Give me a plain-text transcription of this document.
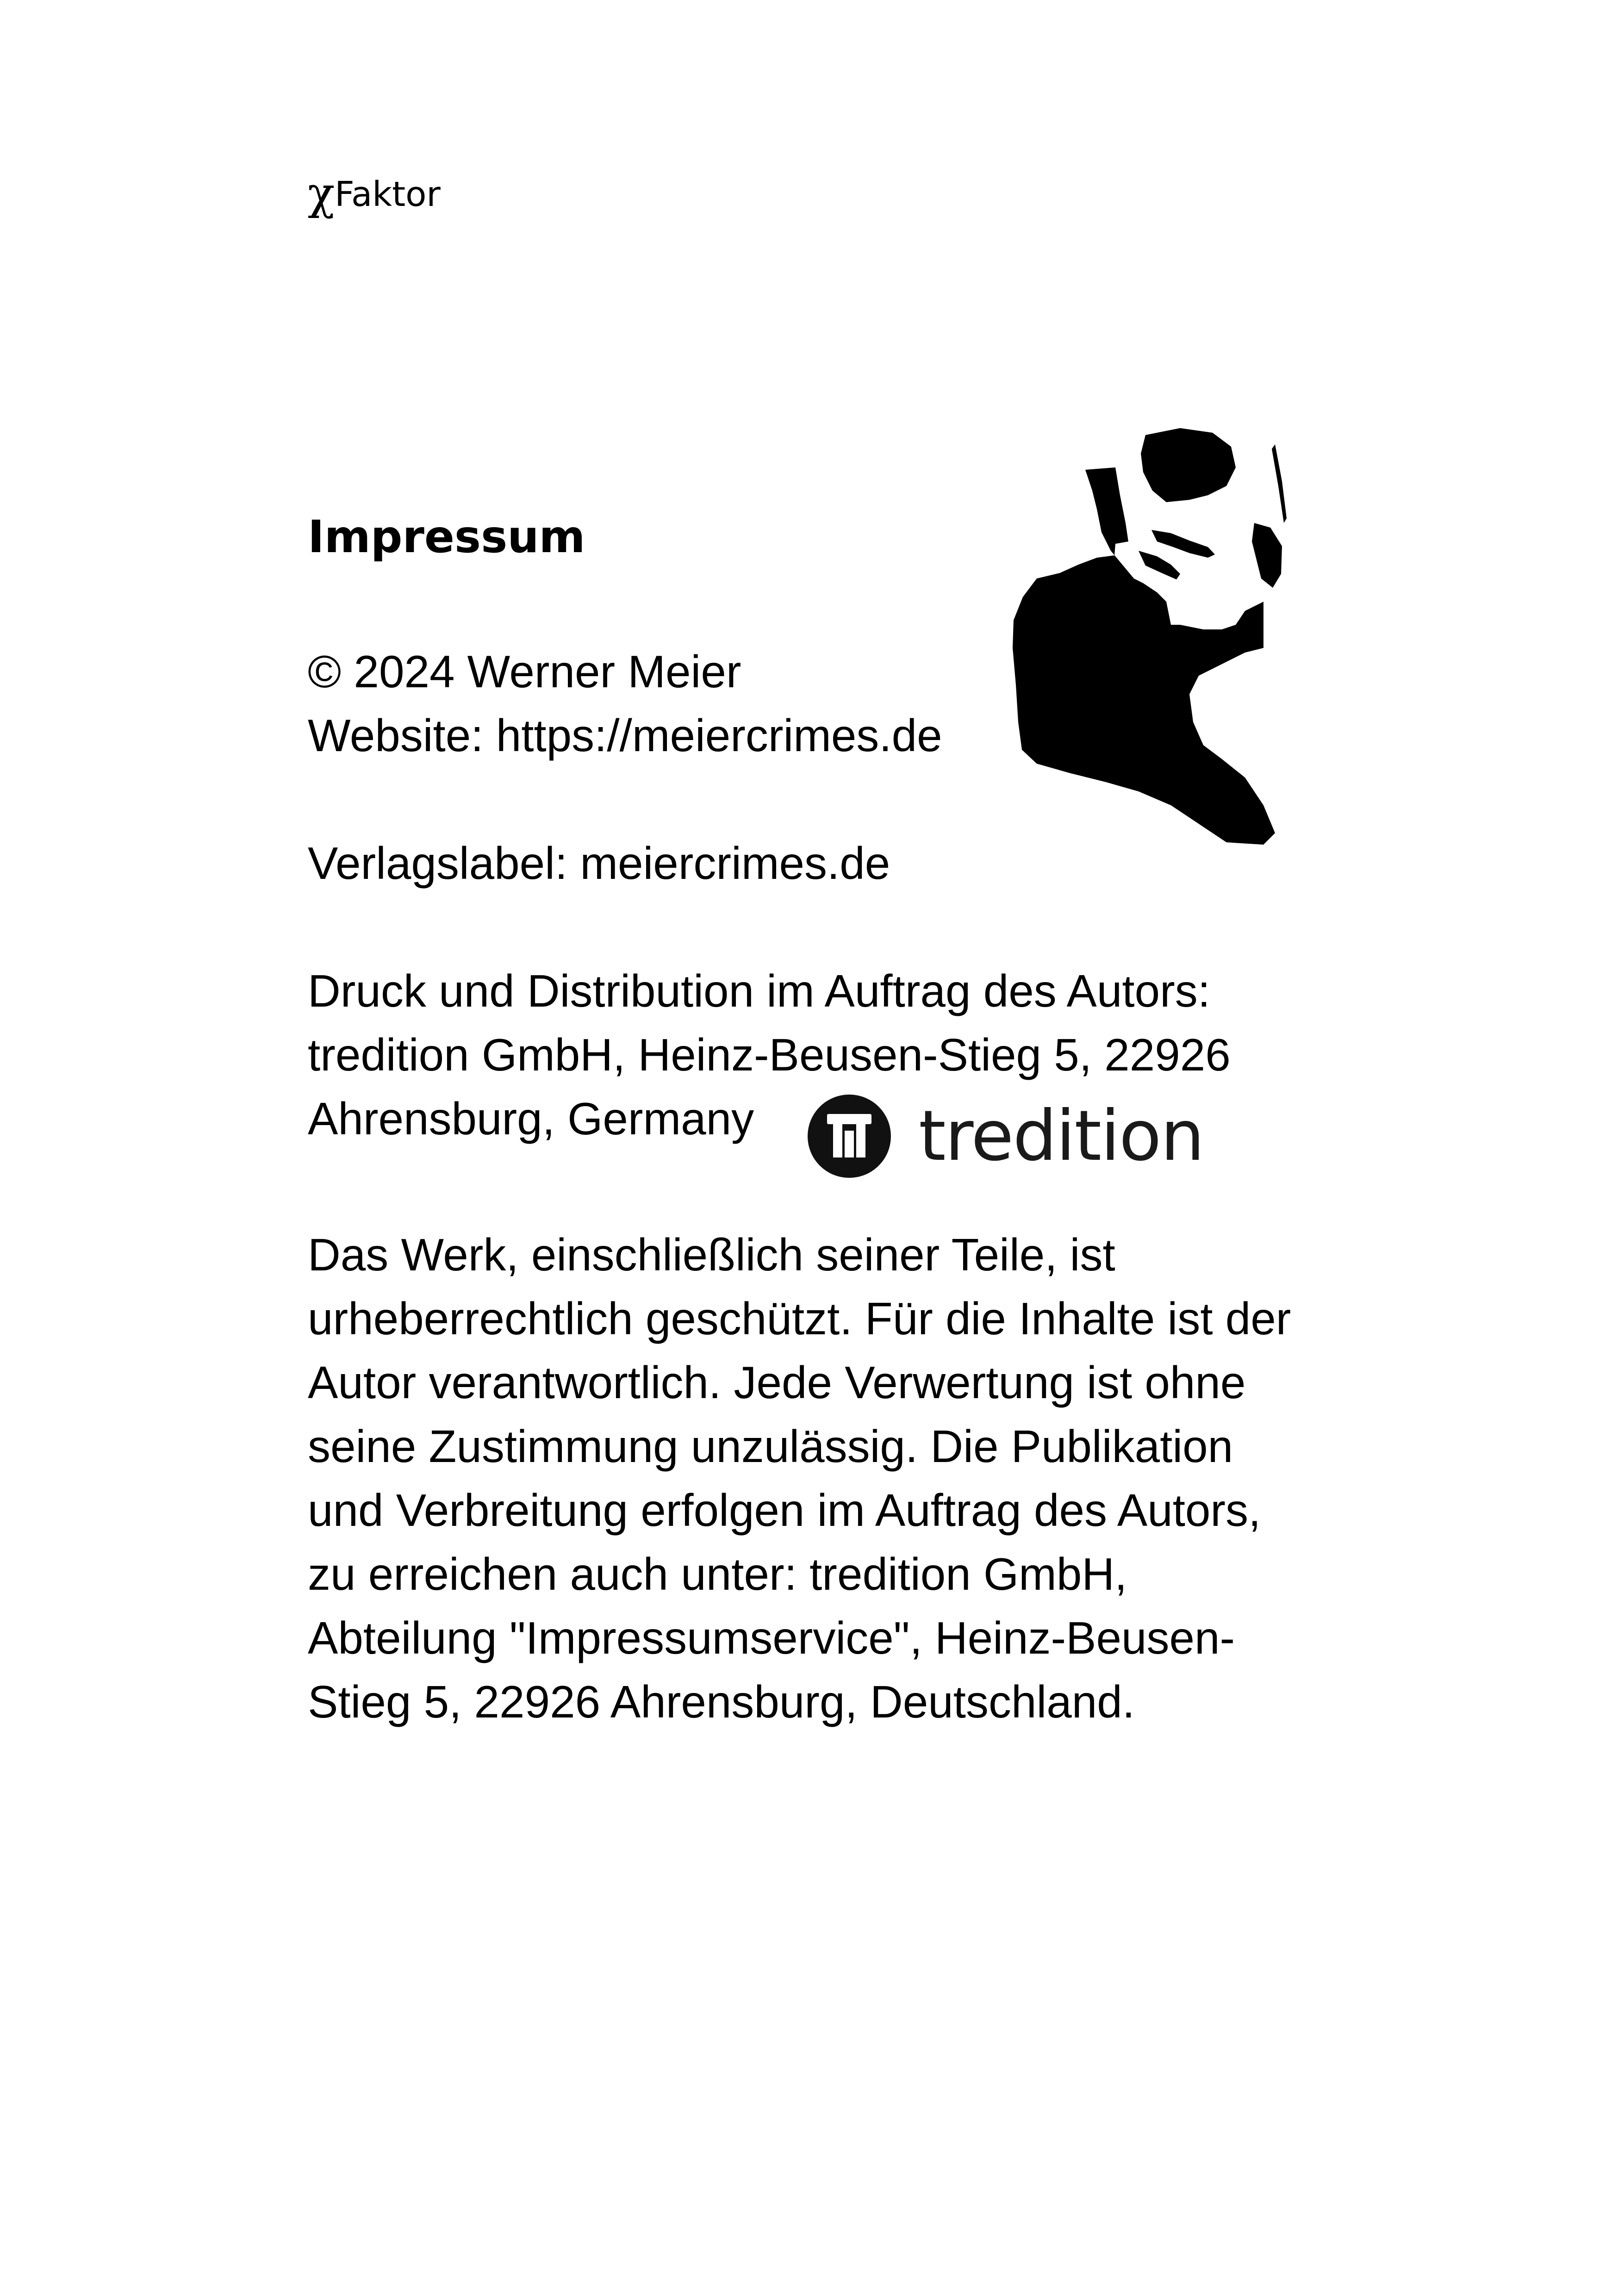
χFaktor
Impressum

© 2024 Werner Meier

Website: https://meiercrimes.de

Verlagslabel: meiercrimes.de

Druck und Distribution im Auftrag des Autors:

tredition GmbH, Heinz-Beusen-Stieg 5, 22926

Ahrensburg, Germany

Das Werk, einschließlich seiner Teile, ist
urheberrechtlich geschützt. Für die Inhalte ist der
Autor verantwortlich. Jede Verwertung ist ohne
seine Zustimmung unzulässig. Die Publikation
und Verbreitung erfolgen im Auftrag des Autors,
zu erreichen auch unter: tredition GmbH,
Abteilung "Impressumservice", Heinz-Beusen-
Stieg 5, 22926 Ahrensburg, Deutschland.
tredition
